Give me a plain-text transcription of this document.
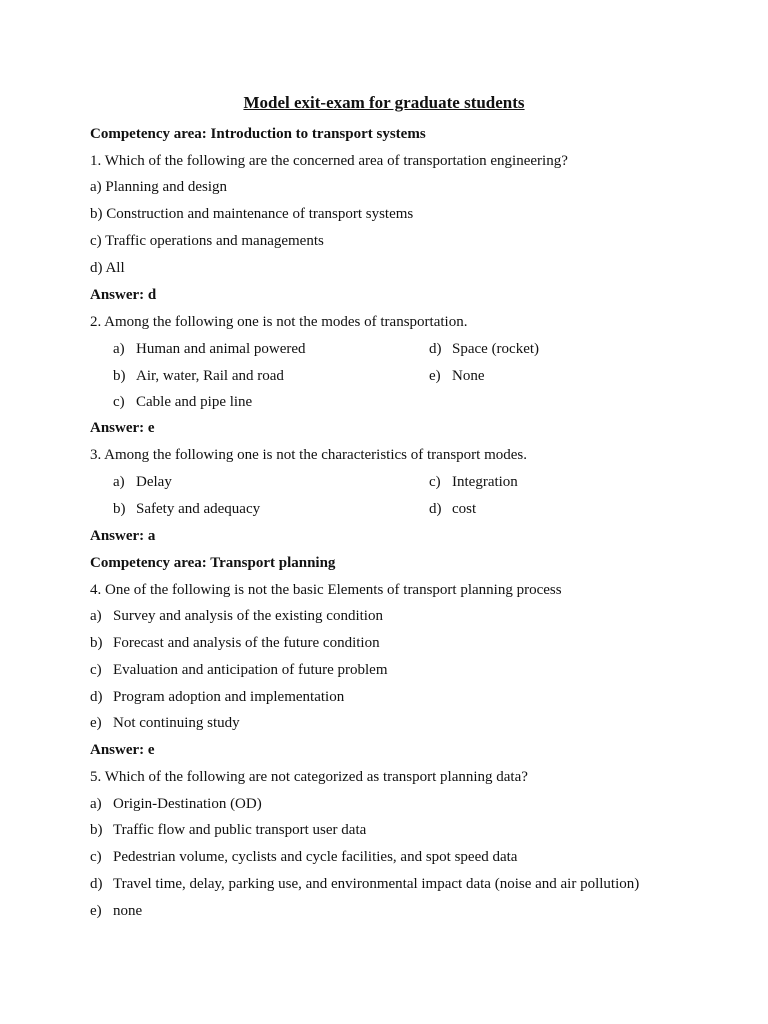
Model exit-exam for graduate students
Competency area: Introduction to transport systems
1. Which of the following are the concerned area of transportation engineering?
a) Planning and design
b) Construction and maintenance of transport systems
c) Traffic operations and managements
d) All
Answer: d
2. Among the following one is not the modes of transportation.
a) Human and animal powered
b) Air, water, Rail and road
c) Cable and pipe line
d) Space (rocket)
e) None
Answer: e
3. Among the following one is not the characteristics of transport modes.
a) Delay
b) Safety and adequacy
c) Integration
d) cost
Answer: a
Competency area: Transport planning
4. One of the following is not the basic Elements of transport planning process
a) Survey and analysis of the existing condition
b) Forecast and analysis of the future condition
c) Evaluation and anticipation of future problem
d) Program adoption and implementation
e) Not continuing study
Answer: e
5. Which of the following are not categorized as transport planning data?
a) Origin-Destination (OD)
b) Traffic flow and public transport user data
c) Pedestrian volume, cyclists and cycle facilities, and spot speed data
d) Travel time, delay, parking use, and environmental impact data (noise and air pollution)
e) none
